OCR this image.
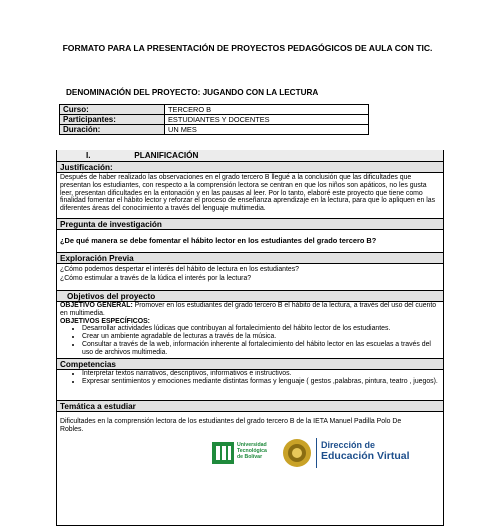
FORMATO PARA LA PRESENTACIÓN DE PROYECTOS PEDAGÓGICOS DE AULA CON TIC.
DENOMINACIÓN DEL PROYECTO: JUGANDO CON LA LECTURA
Curso:	TERCERO B
Participantes:	ESTUDIANTES Y DOCENTES
Duración:	UN MES
I.	PLANIFICACIÓN
Justificación:
Después de haber realizado las observaciones en el grado tercero B llegué a la conclusión que las dificultades que presentan los estudiantes, con respecto a la comprensión lectora se centran en que los niños son apáticos, no les gusta leer, presentan dificultades en la entonación y en las pausas al leer. Por lo tanto, elaboré este proyecto que tiene como finalidad fomentar el hábito lector y reforzar el proceso de enseñanza aprendizaje en la lectura, para que lo apliquen en las diferentes áreas del conocimiento a través del lenguaje multimedia.
Pregunta de investigación
¿De qué manera se debe fomentar el hábito lector en los estudiantes del grado tercero B?
Exploración Previa
¿Cómo podemos despertar el interés del hábito de lectura en los estudiantes?
¿Cómo estimular a través de la lúdica el interés por la lectura?
Objetivos del proyecto
OBJETIVO GENERAL: Promover en los estudiantes del grado tercero B el hábito de la lectura, a través del uso del cuento en multimedia.
OBJETIVOS ESPECÍFICOS:
• Desarrollar actividades lúdicas que contribuyan al fortalecimiento del hábito lector de los estudiantes.
• Crear un ambiente agradable de lecturas a través de la música.
• Consultar a través de la web, información inherente al fortalecimiento del hábito lector en las escuelas a través del uso de archivos multimedia.
Competencias
• Interpretar textos narrativos, descriptivos, informativos e instructivos.
• Expresar sentimientos y emociones mediante distintas formas y lenguaje ( gestos ,palabras, pintura, teatro , juegos).
Temática a estudiar
Dificultades en la comprensión lectora de los estudiantes del grado tercero B de la IETA Manuel Padilla Polo De Robles.
Universidad
Tecnológica
de Bolívar
Dirección de
Educación Virtual
